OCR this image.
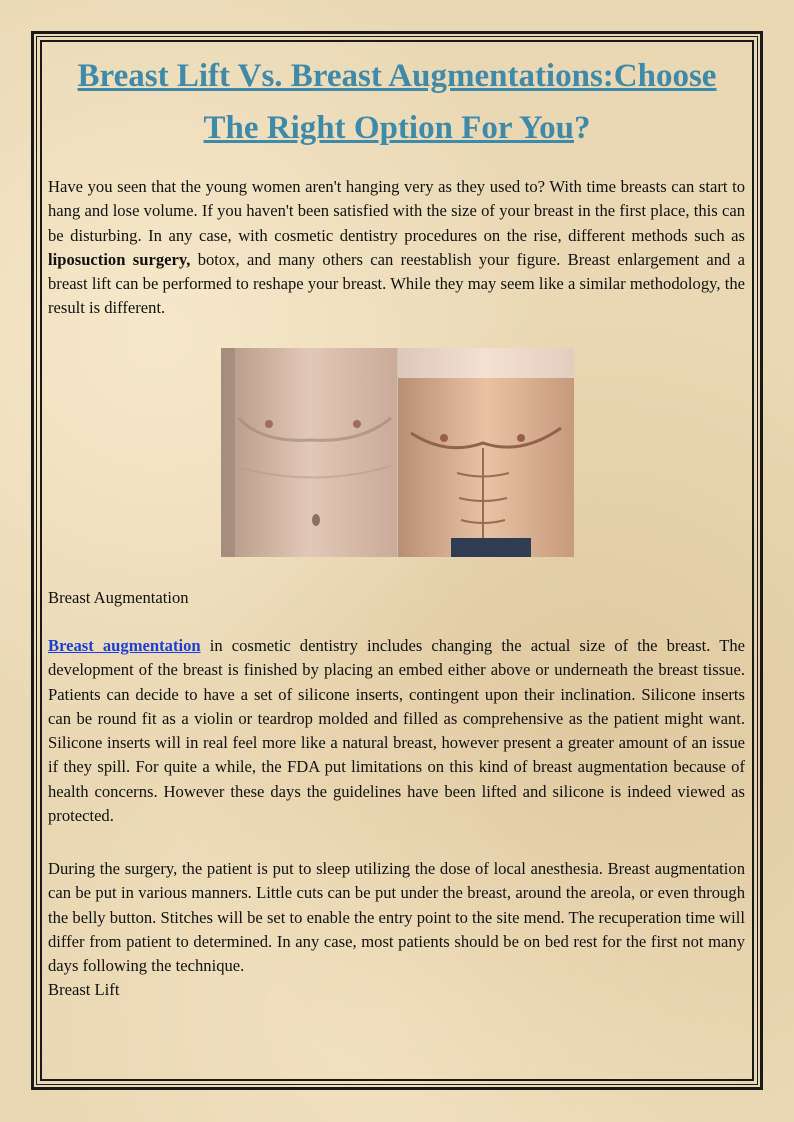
Breast Lift Vs. Breast Augmentations:Choose
The Right Option For You?

Have you seen that the young women aren't hanging very as they used to? With time breasts can start to hang and lose volume. If you haven't been satisfied with the size of your breast in the first place, this can be disturbing. In any case, with cosmetic dentistry procedures on the rise, different methods such as liposuction surgery, botox, and many others can reestablish your figure. Breast enlargement and a breast lift can be performed to reshape your breast. While they may seem like a similar methodology, the result is different.

Breast Augmentation

Breast augmentation in cosmetic dentistry includes changing the actual size of the breast. The development of the breast is finished by placing an embed either above or underneath the breast tissue. Patients can decide to have a set of silicone inserts, contingent upon their inclination. Silicone inserts can be round fit as a violin or teardrop molded and filled as comprehensive as the patient might want. Silicone inserts will in real feel more like a natural breast, however present a greater amount of an issue if they spill. For quite a while, the FDA put limitations on this kind of breast augmentation because of health concerns. However these days the guidelines have been lifted and silicone is indeed viewed as protected.

During the surgery, the patient is put to sleep utilizing the dose of local anesthesia. Breast augmentation can be put in various manners. Little cuts can be put under the breast, around the areola, or even through the belly button. Stitches will be set to enable the entry point to the site mend. The recuperation time will differ from patient to determined. In any case, most patients should be on bed rest for the first not many days following the technique.
Breast Lift
